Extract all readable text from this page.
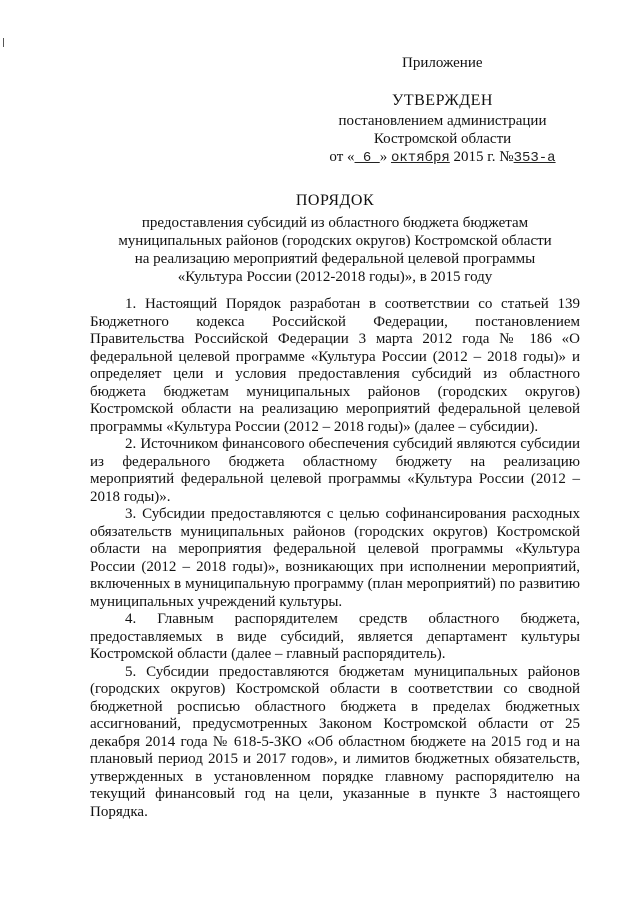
Приложение
УТВЕРЖДЕН
постановлением администрации
Костромской области
от « 6 » октября 2015 г. №353-а
ПОРЯДОК
предоставления субсидий из областного бюджета бюджетам
муниципальных районов (городских округов) Костромской области
на реализацию мероприятий федеральной целевой программы
«Культура России (2012-2018 годы)», в 2015 году

1. Настоящий Порядок разработан в соответствии со статьей 139 Бюджетного кодекса Российской Федерации, постановлением Правительства Российской Федерации 3 марта 2012 года № 186 «О федеральной целевой программе «Культура России (2012 – 2018 годы)» и определяет цели и условия предоставления субсидий из областного бюджета бюджетам муниципальных районов (городских округов) Костромской области на реализацию мероприятий федеральной целевой программы «Культура России (2012 – 2018 годы)» (далее – субсидии).

2. Источником финансового обеспечения субсидий являются субсидии из федерального бюджета областному бюджету на реализацию мероприятий федеральной целевой программы «Культура России (2012 – 2018 годы)».

3. Субсидии предоставляются с целью софинансирования расходных обязательств муниципальных районов (городских округов) Костромской области на мероприятия федеральной целевой программы «Культура России (2012 – 2018 годы)», возникающих при исполнении мероприятий, включенных в муниципальную программу (план мероприятий) по развитию муниципальных учреждений культуры.

4. Главным распорядителем средств областного бюджета, предоставляемых в виде субсидий, является департамент культуры Костромской области (далее – главный распорядитель).

5. Субсидии предоставляются бюджетам муниципальных районов (городских округов) Костромской области в соответствии со сводной бюджетной росписью областного бюджета в пределах бюджетных ассигнований, предусмотренных Законом Костромской области от 25 декабря 2014 года № 618-5-ЗКО «Об областном бюджете на 2015 год и на плановый период 2015 и 2017 годов», и лимитов бюджетных обязательств, утвержденных в установленном порядке главному распорядителю на текущий финансовый год на цели, указанные в пункте 3 настоящего Порядка.
